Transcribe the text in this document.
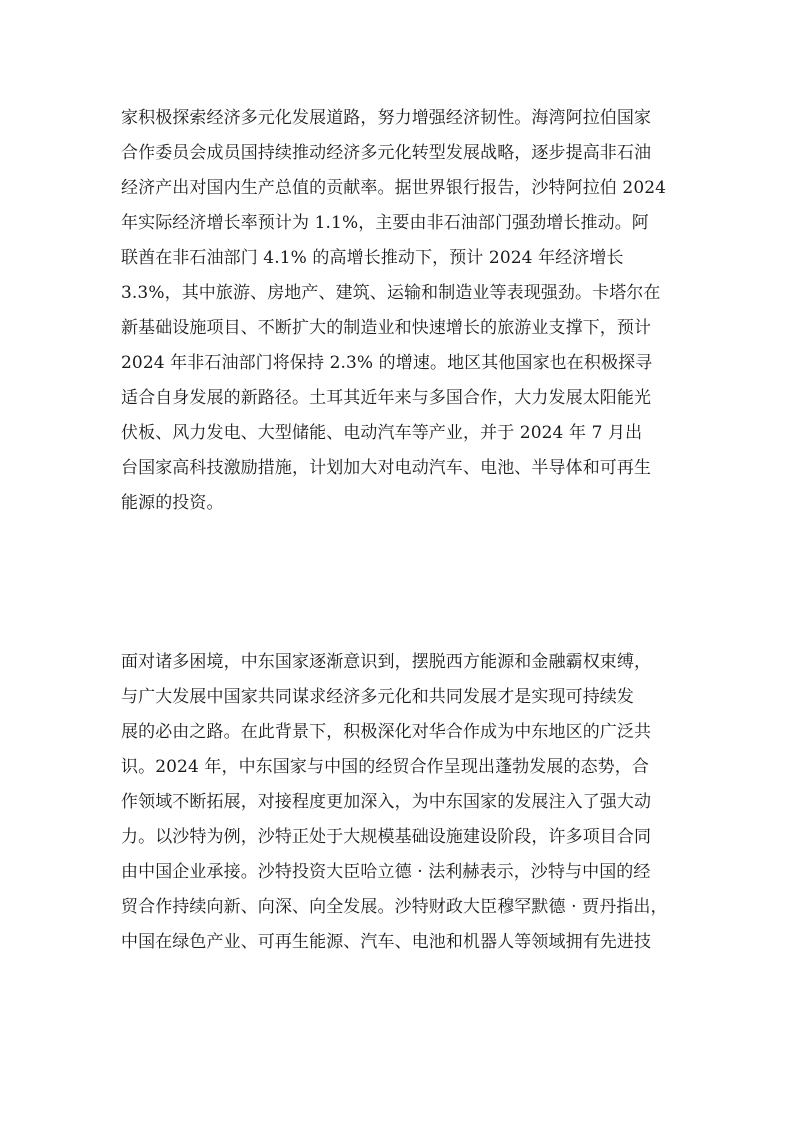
家积极探索经济多元化发展道路，努力增强经济韧性。海湾阿拉伯国家
合作委员会成员国持续推动经济多元化转型发展战略，逐步提高非石油
经济产出对国内生产总值的贡献率。据世界银行报告，沙特阿拉伯 2024
年实际经济增长率预计为 1.1%，主要由非石油部门强劲增长推动。阿
联酋在非石油部门 4.1% 的高增长推动下，预计 2024 年经济增长
3.3%，其中旅游、房地产、建筑、运输和制造业等表现强劲。卡塔尔在
新基础设施项目、不断扩大的制造业和快速增长的旅游业支撑下，预计
2024 年非石油部门将保持 2.3% 的增速。地区其他国家也在积极探寻
适合自身发展的新路径。土耳其近年来与多国合作，大力发展太阳能光
伏板、风力发电、大型储能、电动汽车等产业，并于 2024 年 7 月出
台国家高科技激励措施，计划加大对电动汽车、电池、半导体和可再生
能源的投资。
面对诸多困境，中东国家逐渐意识到，摆脱西方能源和金融霸权束缚，
与广大发展中国家共同谋求经济多元化和共同发展才是实现可持续发
展的必由之路。在此背景下，积极深化对华合作成为中东地区的广泛共
识。2024 年，中东国家与中国的经贸合作呈现出蓬勃发展的态势，合
作领域不断拓展，对接程度更加深入，为中东国家的发展注入了强大动
力。以沙特为例，沙特正处于大规模基础设施建设阶段，许多项目合同
由中国企业承接。沙特投资大臣哈立德 · 法利赫表示，沙特与中国的经
贸合作持续向新、向深、向全发展。沙特财政大臣穆罕默德 · 贾丹指出，
中国在绿色产业、可再生能源、汽车、电池和机器人等领域拥有先进技
